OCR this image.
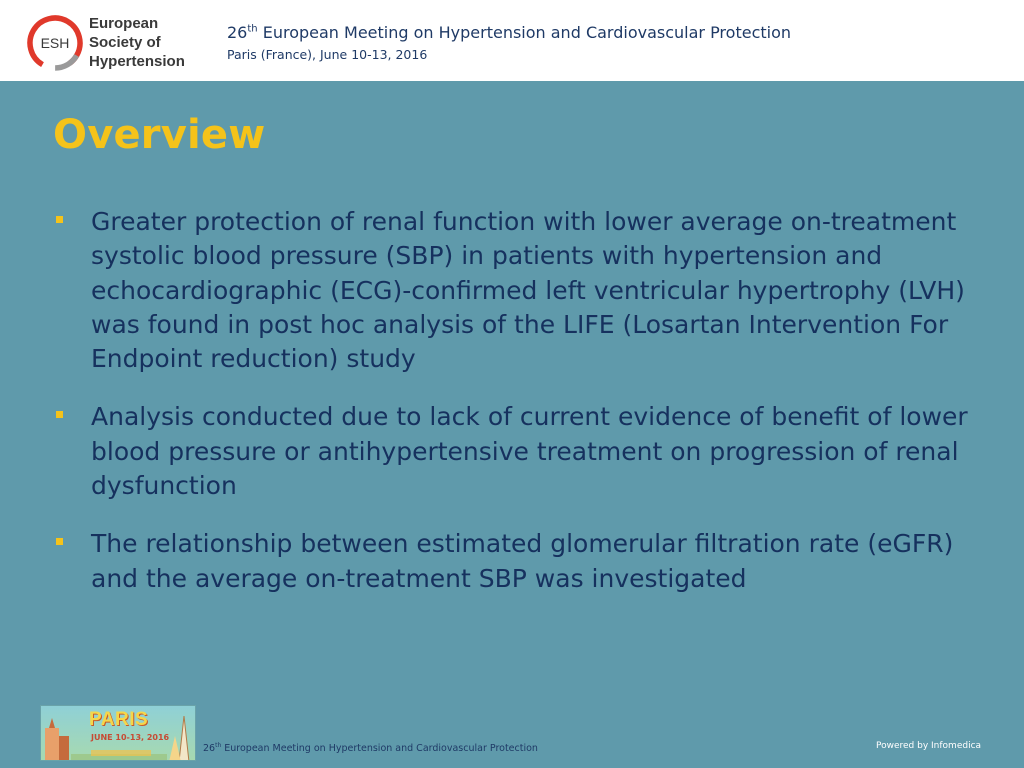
ESH
European
Society of
Hypertension
26th European Meeting on Hypertension and Cardiovascular Protection
Paris (France), June 10-13, 2016
Overview
Greater protection of renal function with lower average on-treatment systolic blood pressure (SBP) in patients with hypertension and echocardiographic (ECG)-confirmed left ventricular hypertrophy (LVH) was found in post hoc analysis of the LIFE (Losartan Intervention For Endpoint reduction) study
Analysis conducted due to lack of current evidence of benefit of lower blood pressure or antihypertensive treatment on progression of renal dysfunction
The relationship between estimated glomerular filtration rate (eGFR) and the average on-treatment SBP was investigated
PARIS
JUNE 10-13, 2016
26th European Meeting on Hypertension and Cardiovascular Protection	Powered by Infomedica
